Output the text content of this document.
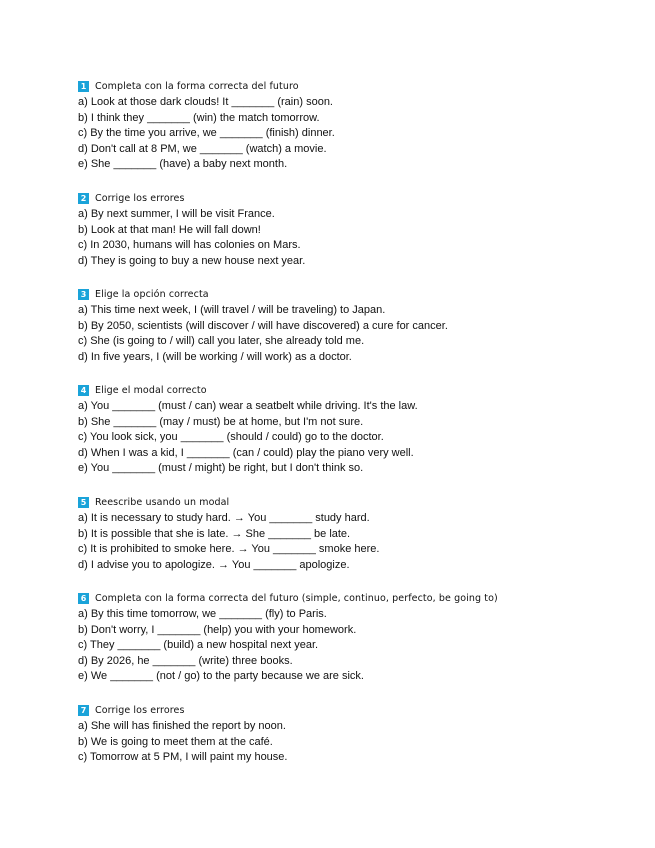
1 Completa con la forma correcta del futuro
a) Look at those dark clouds! It _______ (rain) soon.
b) I think they _______ (win) the match tomorrow.
c) By the time you arrive, we _______ (finish) dinner.
d) Don't call at 8 PM, we _______ (watch) a movie.
e) She _______ (have) a baby next month.
2 Corrige los errores
a) By next summer, I will be visit France.
b) Look at that man! He will fall down!
c) In 2030, humans will has colonies on Mars.
d) They is going to buy a new house next year.
3 Elige la opción correcta
a) This time next week, I (will travel / will be traveling) to Japan.
b) By 2050, scientists (will discover / will have discovered) a cure for cancer.
c) She (is going to / will) call you later, she already told me.
d) In five years, I (will be working / will work) as a doctor.
4 Elige el modal correcto
a) You _______ (must / can) wear a seatbelt while driving. It's the law.
b) She _______ (may / must) be at home, but I'm not sure.
c) You look sick, you _______ (should / could) go to the doctor.
d) When I was a kid, I _______ (can / could) play the piano very well.
e) You _______ (must / might) be right, but I don't think so.
5 Reescribe usando un modal
a) It is necessary to study hard. → You _______ study hard.
b) It is possible that she is late. → She _______ be late.
c) It is prohibited to smoke here. → You _______ smoke here.
d) I advise you to apologize. → You _______ apologize.
6 Completa con la forma correcta del futuro (simple, continuo, perfecto, be going to)
a) By this time tomorrow, we _______ (fly) to Paris.
b) Don't worry, I _______ (help) you with your homework.
c) They _______ (build) a new hospital next year.
d) By 2026, he _______ (write) three books.
e) We _______ (not / go) to the party because we are sick.
7 Corrige los errores
a) She will has finished the report by noon.
b) We is going to meet them at the café.
c) Tomorrow at 5 PM, I will paint my house.
